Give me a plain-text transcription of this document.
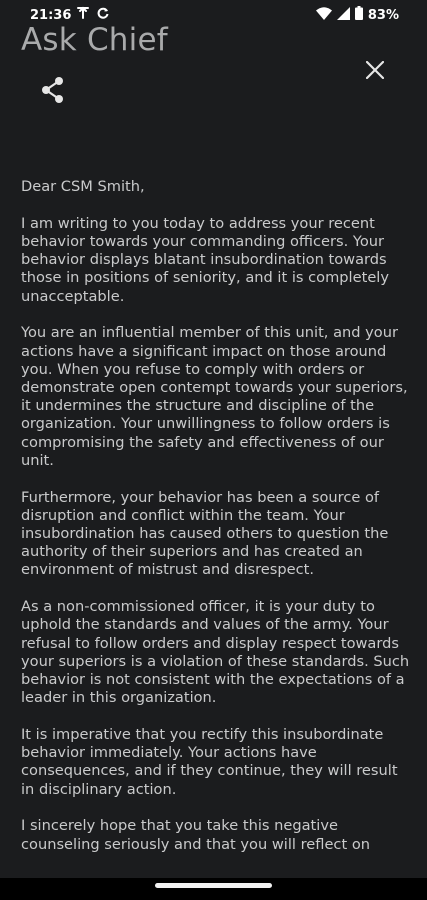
21:36	83%
Ask Chief

Dear CSM Smith,

I am writing to you today to address your recent behavior towards your commanding officers. Your behavior displays blatant insubordination towards those in positions of seniority, and it is completely unacceptable.

You are an influential member of this unit, and your actions have a significant impact on those around you. When you refuse to comply with orders or demonstrate open contempt towards your superiors, it undermines the structure and discipline of the organization. Your unwillingness to follow orders is compromising the safety and effectiveness of our unit.

Furthermore, your behavior has been a source of disruption and conflict within the team. Your insubordination has caused others to question the authority of their superiors and has created an environment of mistrust and disrespect.

As a non-commissioned officer, it is your duty to uphold the standards and values of the army. Your refusal to follow orders and display respect towards your superiors is a violation of these standards. Such behavior is not consistent with the expectations of a leader in this organization.

It is imperative that you rectify this insubordinate behavior immediately. Your actions have consequences, and if they continue, they will result in disciplinary action.

I sincerely hope that you take this negative counseling seriously and that you will reflect on
